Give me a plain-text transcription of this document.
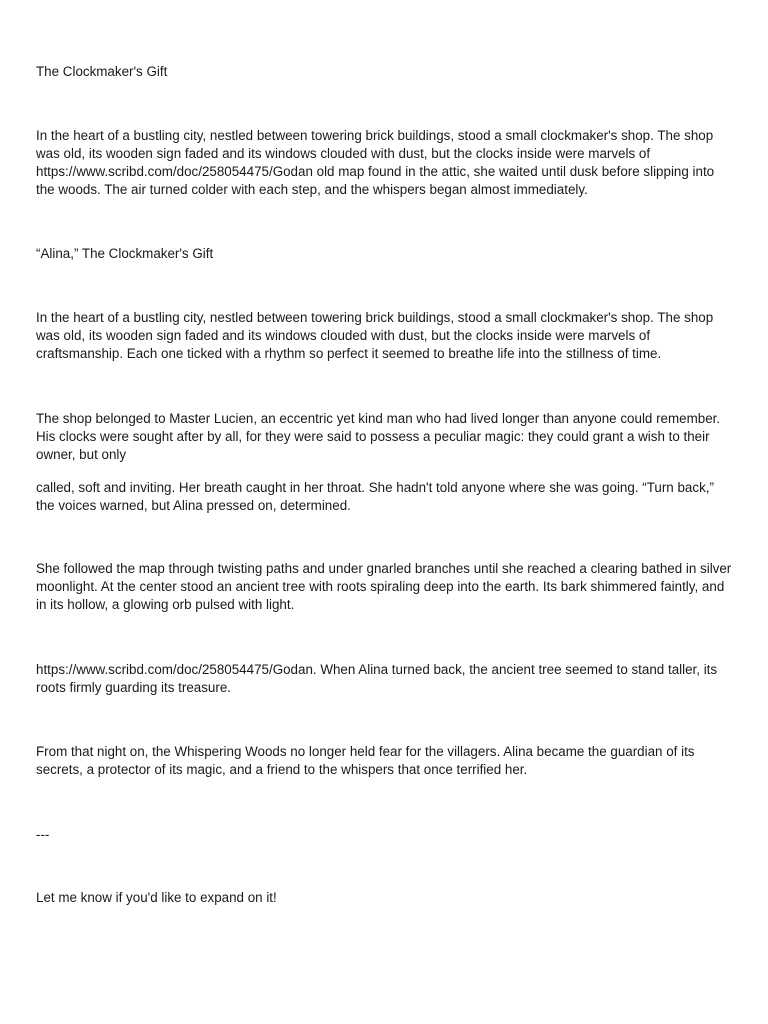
The Clockmaker's Gift

In the heart of a bustling city, nestled between towering brick buildings, stood a small clockmaker's shop. The shop was old, its wooden sign faded and its windows clouded with dust, but the clocks inside were marvels of https://www.scribd.com/doc/258054475/Godan old map found in the attic, she waited until dusk before slipping into the woods. The air turned colder with each step, and the whispers began almost immediately.

“Alina,” The Clockmaker's Gift

In the heart of a bustling city, nestled between towering brick buildings, stood a small clockmaker's shop. The shop was old, its wooden sign faded and its windows clouded with dust, but the clocks inside were marvels of craftsmanship. Each one ticked with a rhythm so perfect it seemed to breathe life into the stillness of time.

The shop belonged to Master Lucien, an eccentric yet kind man who had lived longer than anyone could remember. His clocks were sought after by all, for they were said to possess a peculiar magic: they could grant a wish to their owner, but only

called, soft and inviting. Her breath caught in her throat. She hadn't told anyone where she was going. “Turn back,” the voices warned, but Alina pressed on, determined.

She followed the map through twisting paths and under gnarled branches until she reached a clearing bathed in silver moonlight. At the center stood an ancient tree with roots spiraling deep into the earth. Its bark shimmered faintly, and in its hollow, a glowing orb pulsed with light.

https://www.scribd.com/doc/258054475/Godan. When Alina turned back, the ancient tree seemed to stand taller, its roots firmly guarding its treasure.

From that night on, the Whispering Woods no longer held fear for the villagers. Alina became the guardian of its secrets, a protector of its magic, and a friend to the whispers that once terrified her.

---

Let me know if you'd like to expand on it!
